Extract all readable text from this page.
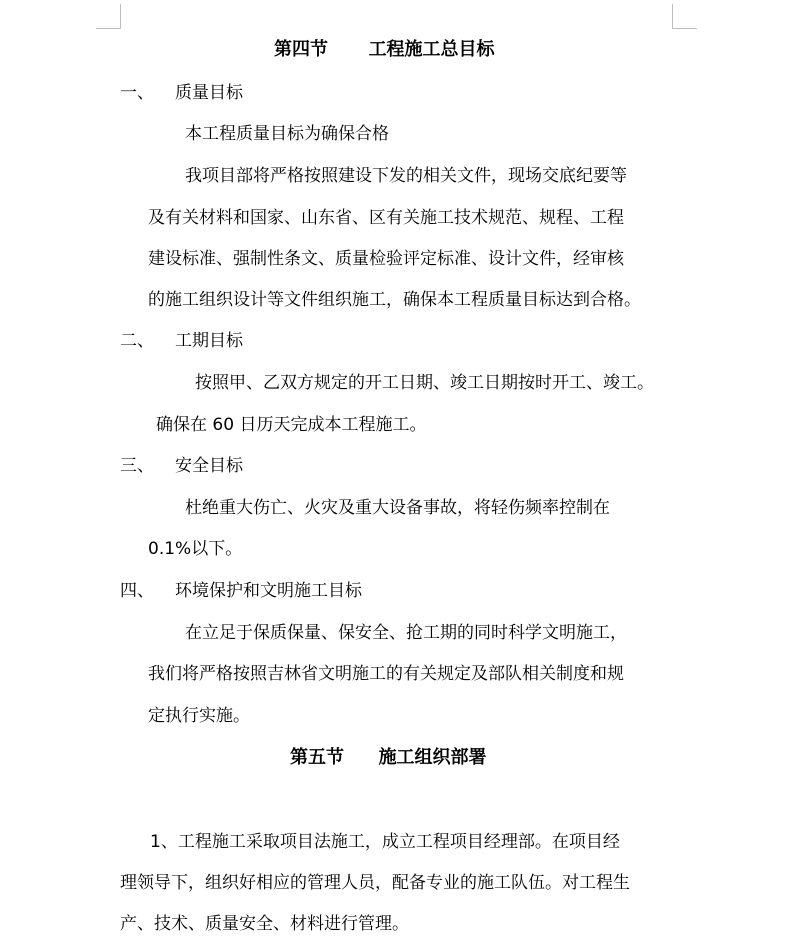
第四节 工程施工总目标
一、 质量目标
本工程质量目标为确保合格
我项目部将严格按照建设下发的相关文件，现场交底纪要等
及有关材料和国家、山东省、区有关施工技术规范、规程、工程
建设标准、强制性条文、质量检验评定标准、设计文件，经审核
的施工组织设计等文件组织施工，确保本工程质量目标达到合格。
二、 工期目标
按照甲、乙双方规定的开工日期、竣工日期按时开工、竣工。
确保在 60 日历天完成本工程施工。
三、 安全目标
杜绝重大伤亡、火灾及重大设备事故，将轻伤频率控制在
0.1%以下。
四、 环境保护和文明施工目标
在立足于保质保量、保安全、抢工期的同时科学文明施工，
我们将严格按照吉林省文明施工的有关规定及部队相关制度和规
定执行实施。
第五节 施工组织部署
1、工程施工采取项目法施工，成立工程项目经理部。在项目经
理领导下，组织好相应的管理人员，配备专业的施工队伍。对工程生
产、技术、质量安全、材料进行管理。
